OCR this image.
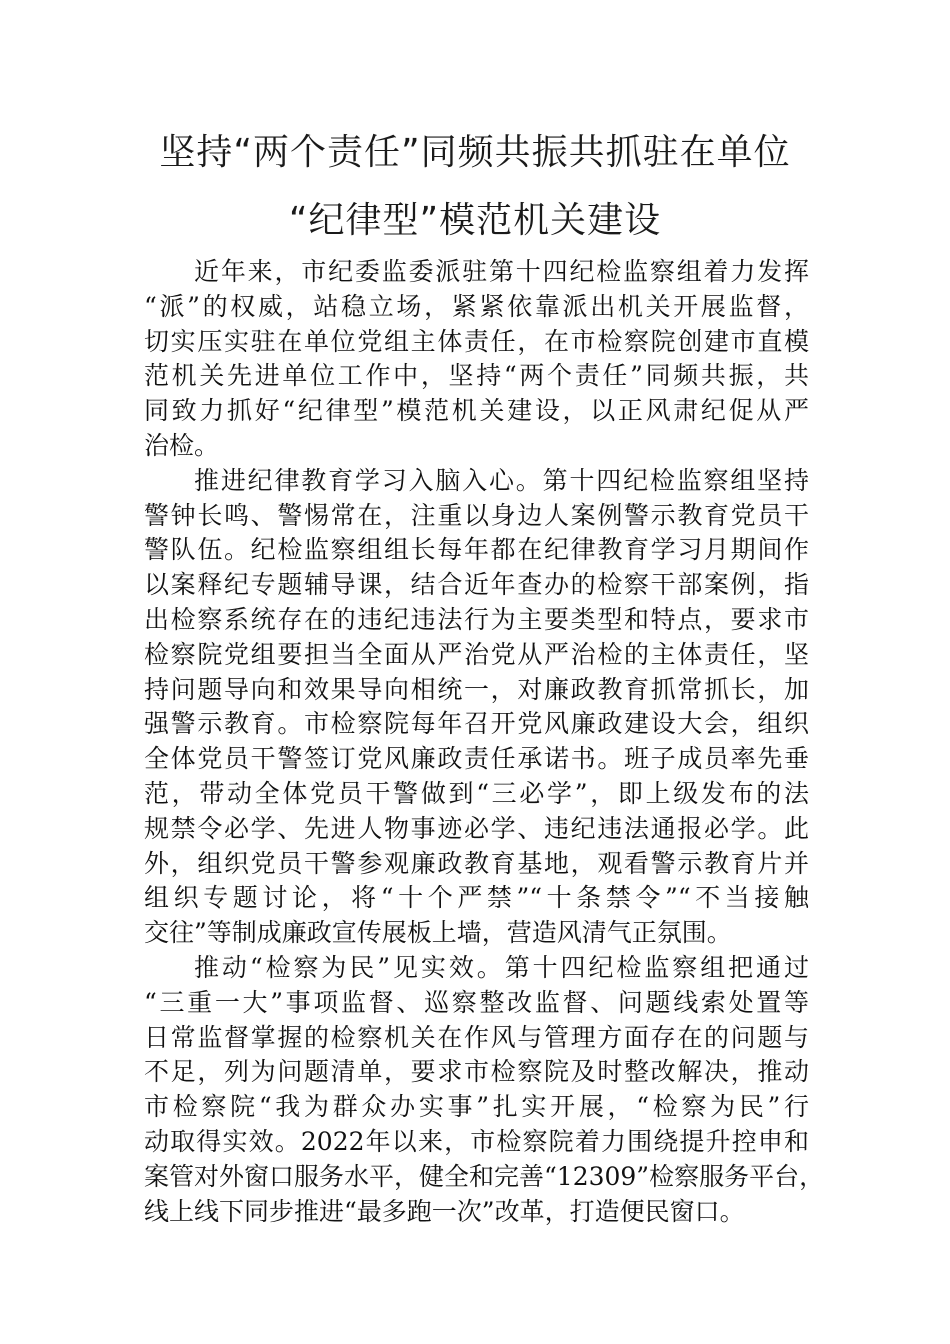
坚持“两个责任”同频共振共抓驻在单位
“纪律型”模范机关建设
近年来，市纪委监委派驻第十四纪检监察组着力发挥
“派”的权威，站稳立场，紧紧依靠派出机关开展监督，
切实压实驻在单位党组主体责任，在市检察院创建市直模
范机关先进单位工作中，坚持“两个责任”同频共振，共
同致力抓好“纪律型”模范机关建设，以正风肃纪促从严
治检。
推进纪律教育学习入脑入心。第十四纪检监察组坚持
警钟长鸣、警惕常在，注重以身边人案例警示教育党员干
警队伍。纪检监察组组长每年都在纪律教育学习月期间作
以案释纪专题辅导课，结合近年查办的检察干部案例，指
出检察系统存在的违纪违法行为主要类型和特点，要求市
检察院党组要担当全面从严治党从严治检的主体责任，坚
持问题导向和效果导向相统一，对廉政教育抓常抓长，加
强警示教育。市检察院每年召开党风廉政建设大会，组织
全体党员干警签订党风廉政责任承诺书。班子成员率先垂
范，带动全体党员干警做到“三必学”，即上级发布的法
规禁令必学、先进人物事迹必学、违纪违法通报必学。此
外，组织党员干警参观廉政教育基地，观看警示教育片并
组织专题讨论，将“十个严禁”“十条禁令”“不当接触
交往”等制成廉政宣传展板上墙，营造风清气正氛围。
推动“检察为民”见实效。第十四纪检监察组把通过
“三重一大”事项监督、巡察整改监督、问题线索处置等
日常监督掌握的检察机关在作风与管理方面存在的问题与
不足，列为问题清单，要求市检察院及时整改解决，推动
市检察院“我为群众办实事”扎实开展，“检察为民”行
动取得实效。2022年以来，市检察院着力围绕提升控申和
案管对外窗口服务水平，健全和完善“12309”检察服务平台，
线上线下同步推进“最多跑一次”改革，打造便民窗口。
